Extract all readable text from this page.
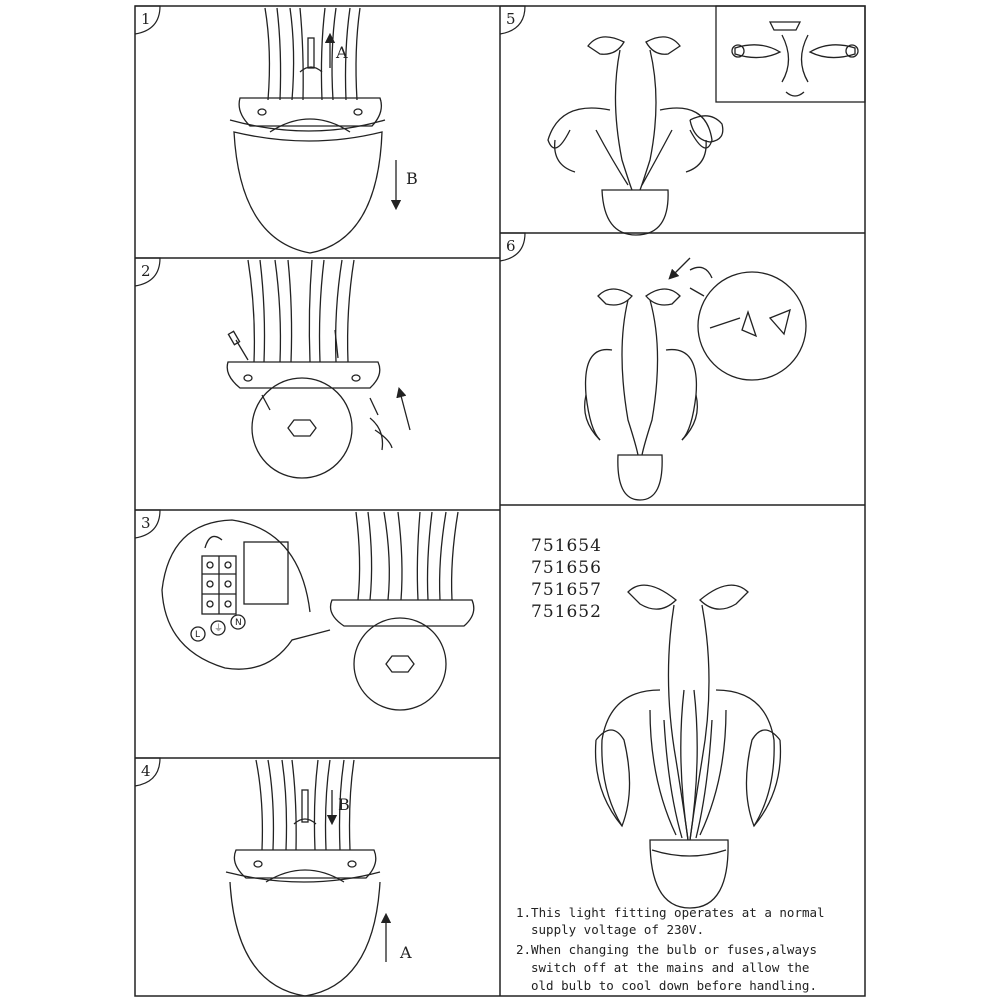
1
A
B
2
3
L
⏚
N
4
B
A
5
6
751654
751656
751657
751652
1.This light fitting operates at a normal
supply voltage of 230V.
2.When changing the bulb or fuses,always
switch off at the mains and allow the
old bulb to cool down before handling.
